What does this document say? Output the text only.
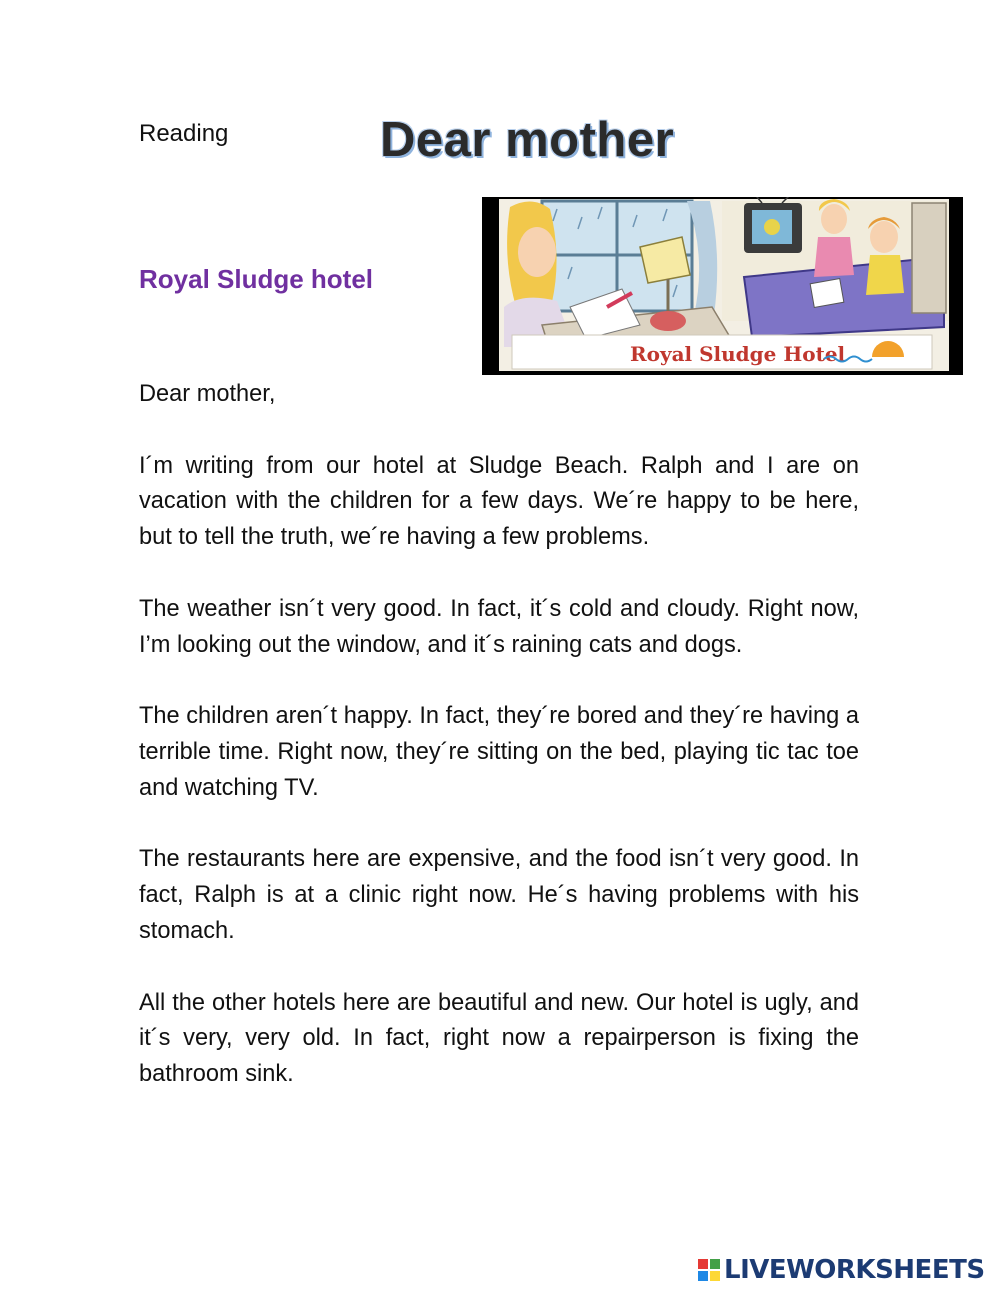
Reading	Dear mother
Royal Sludge hotel
Royal Sludge Hotel

Dear mother,

I´m writing from our hotel at Sludge Beach. Ralph and I are on vacation with the children for a few days. We´re happy to be here, but to tell the truth, we´re having a few problems.

The weather isn´t very good. In fact, it´s cold and cloudy. Right now, I’m looking out the window, and it´s raining cats and dogs.

The children aren´t happy. In fact, they´re bored and they´re having a terrible time. Right now, they´re sitting on the bed, playing tic tac toe and watching TV.

The restaurants here are expensive, and the food isn´t very good. In fact, Ralph is at a clinic right now. He´s having problems with his stomach.

All the other hotels here are beautiful and new. Our hotel is ugly, and it´s very, very old. In fact, right now a repairperson is fixing the bathroom sink.

LIVEWORKSHEETS
